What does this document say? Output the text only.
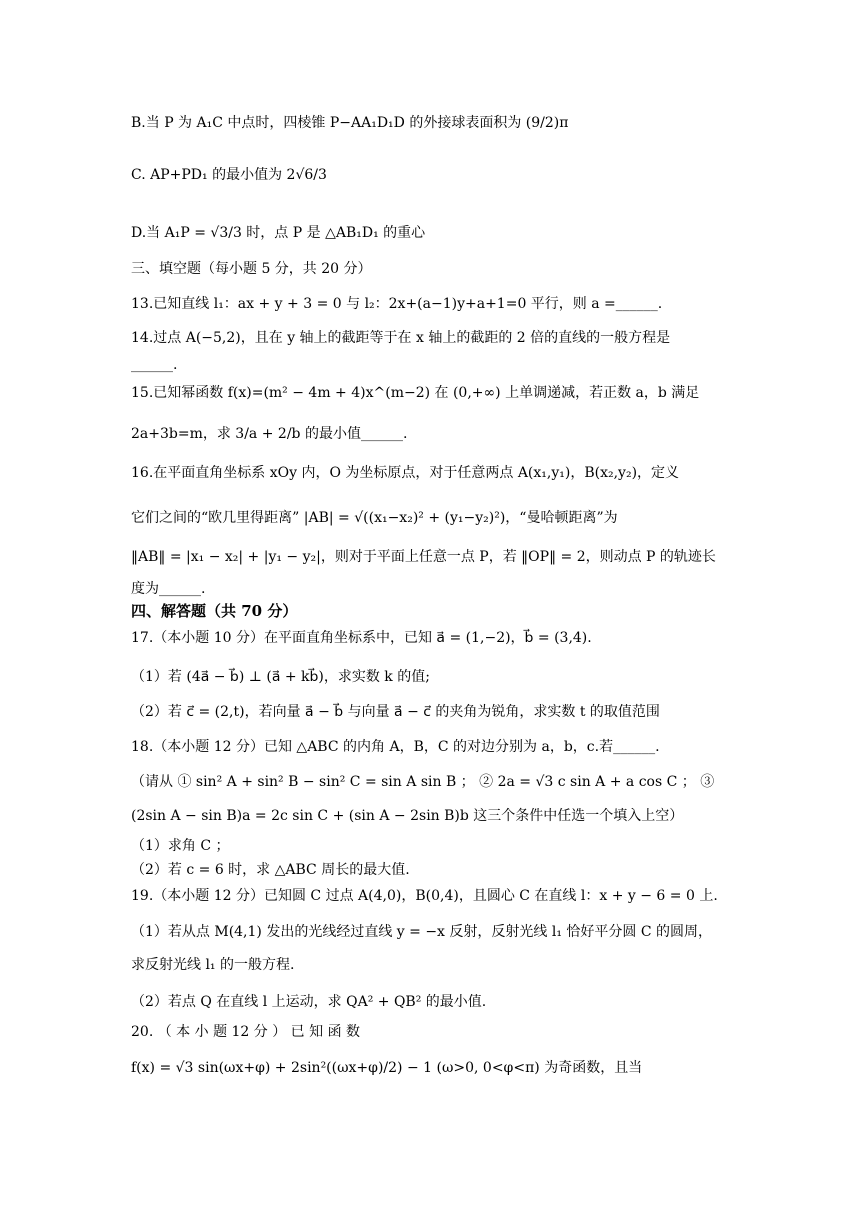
B.当 P 为 A₁C 中点时，四棱锥 P−AA₁D₁D 的外接球表面积为 (9/2)π
C. AP+PD₁ 的最小值为 2√6/3
D.当 A₁P = √3/3 时，点 P 是 △AB₁D₁ 的重心
三、填空题（每小题 5 分，共 20 分）
13.已知直线 l₁：ax + y + 3 = 0 与 l₂：2x+(a−1)y+a+1=0 平行，则 a =______.
14.过点 A(−5,2)，且在 y 轴上的截距等于在 x 轴上的截距的 2 倍的直线的一般方程是
______.
15.已知幂函数 f(x)=(m² − 4m + 4)x^(m−2) 在 (0,+∞) 上单调递减，若正数 a，b 满足
2a+3b=m，求 3/a + 2/b 的最小值______.
16.在平面直角坐标系 xOy 内，O 为坐标原点，对于任意两点 A(x₁,y₁)，B(x₂,y₂)，定义
它们之间的“欧几里得距离” |AB| = √((x₁−x₂)² + (y₁−y₂)²)，“曼哈顿距离”为
‖AB‖ = |x₁ − x₂| + |y₁ − y₂|，则对于平面上任意一点 P，若 ‖OP‖ = 2，则动点 P 的轨迹长
度为______.
四、解答题（共 70 分）
17.（本小题 10 分）在平面直角坐标系中，已知 a⃗ = (1,−2)，b⃗ = (3,4).
（1）若 (4a⃗ − b⃗) ⊥ (a⃗ + kb⃗)，求实数 k 的值;
（2）若 c⃗ = (2,t)，若向量 a⃗ − b⃗ 与向量 a⃗ − c⃗ 的夹角为锐角，求实数 t 的取值范围
18.（本小题 12 分）已知 △ABC 的内角 A，B，C 的对边分别为 a，b，c.若______.
（请从 ① sin² A + sin² B − sin² C = sin A sin B ； ② 2a = √3 c sin A + a cos C ； ③
(2sin A − sin B)a = 2c sin C + (sin A − 2sin B)b 这三个条件中任选一个填入上空）
（1）求角 C ；
（2）若 c = 6 时，求 △ABC 周长的最大值.
19.（本小题 12 分）已知圆 C 过点 A(4,0)，B(0,4)，且圆心 C 在直线 l：x + y − 6 = 0 上.
（1）若从点 M(4,1) 发出的光线经过直线 y = −x 反射，反射光线 l₁ 恰好平分圆 C 的圆周，
求反射光线 l₁ 的一般方程.
（2）若点 Q 在直线 l 上运动，求 QA² + QB² 的最小值.
20. （ 本 小 题 12 分 ） 已 知 函 数
f(x) = √3 sin(ωx+φ) + 2sin²((ωx+φ)/2) − 1 (ω>0, 0<φ<π) 为奇函数，且当
